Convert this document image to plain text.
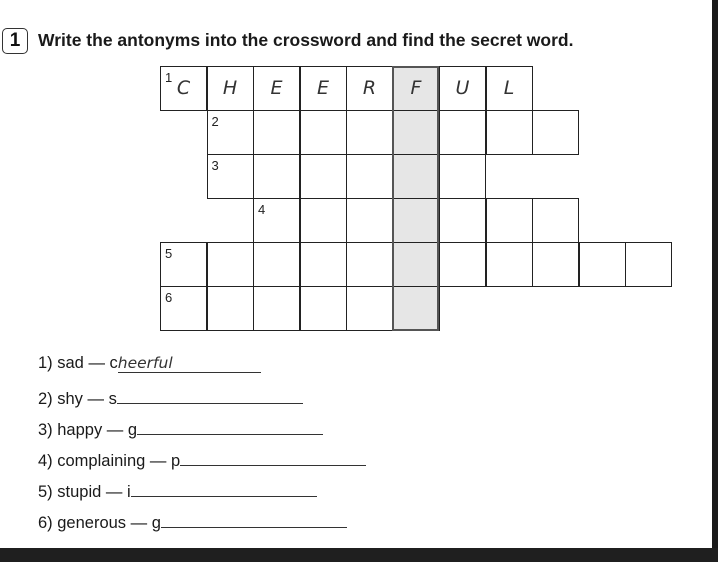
1	Write the antonyms into the crossword and find the secret word.
1 C	H	E	E	R	F	U	L
2
3
4
5
6
1) sad — cheerful
2) shy — s
3) happy — g
4) complaining — p
5) stupid — i
6) generous — g
